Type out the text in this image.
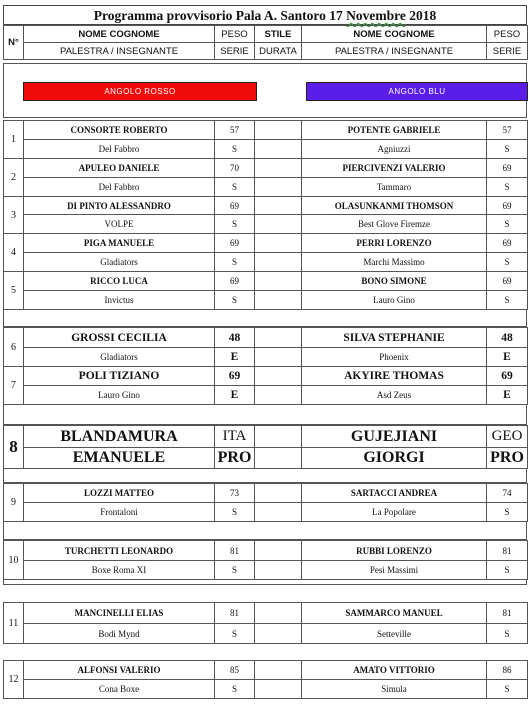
Programma provvisorio Pala A. Santoro 17 Novembre 2018
N°	NOME COGNOME	PESO	STILE	NOME COGNOME	PESO
	PALESTRA / INSEGNANTE	SERIE	DURATA	PALESTRA / INSEGNANTE	SERIE
ANGOLO ROSSO	ANGOLO BLU
1	CONSORTE ROBERTO	57		POTENTE GABRIELE	57
	Del Fabbro	S		Agniuzzi	S
2	APULEO DANIELE	70		PIERCIVENZI VALERIO	69
	Del Fabbro	S		Tammaro	S
3	DI PINTO ALESSANDRO	69		OLASUNKANMI THOMSON	69
	VOLPE	S		Best Glove Firemze	S
4	PIGA MANUELE	69		PERRI LORENZO	69
	Gladiators	S		Marchi Massimo	S
5	RICCO LUCA	69		BONO SIMONE	69
	Invictus	S		Lauro Gino	S
6	GROSSI CECILIA	48		SILVA STEPHANIE	48
	Gladiators	E		Phoenix	E
7	POLI TIZIANO	69		AKYIRE THOMAS	69
	Lauro Gino	E		Asd Zeus	E
8	BLANDAMURA	ITA		GUJEJIANI	GEO
	EMANUELE	PRO		GIORGI	PRO
9	LOZZI MATTEO	73		SARTACCI ANDREA	74
	Frontaloni	S		La Popolare	S
10	TURCHETTI LEONARDO	81		RUBBI LORENZO	81
	Boxe Roma XI	S		Pesi Massimi	S
11	MANCINELLI ELIAS	81		SAMMARCO MANUEL	81
	Bodi Mynd	S		Setteville	S
12	ALFONSI VALERIO	85		AMATO VITTORIO	86
	Cona Boxe	S		Simula	S
